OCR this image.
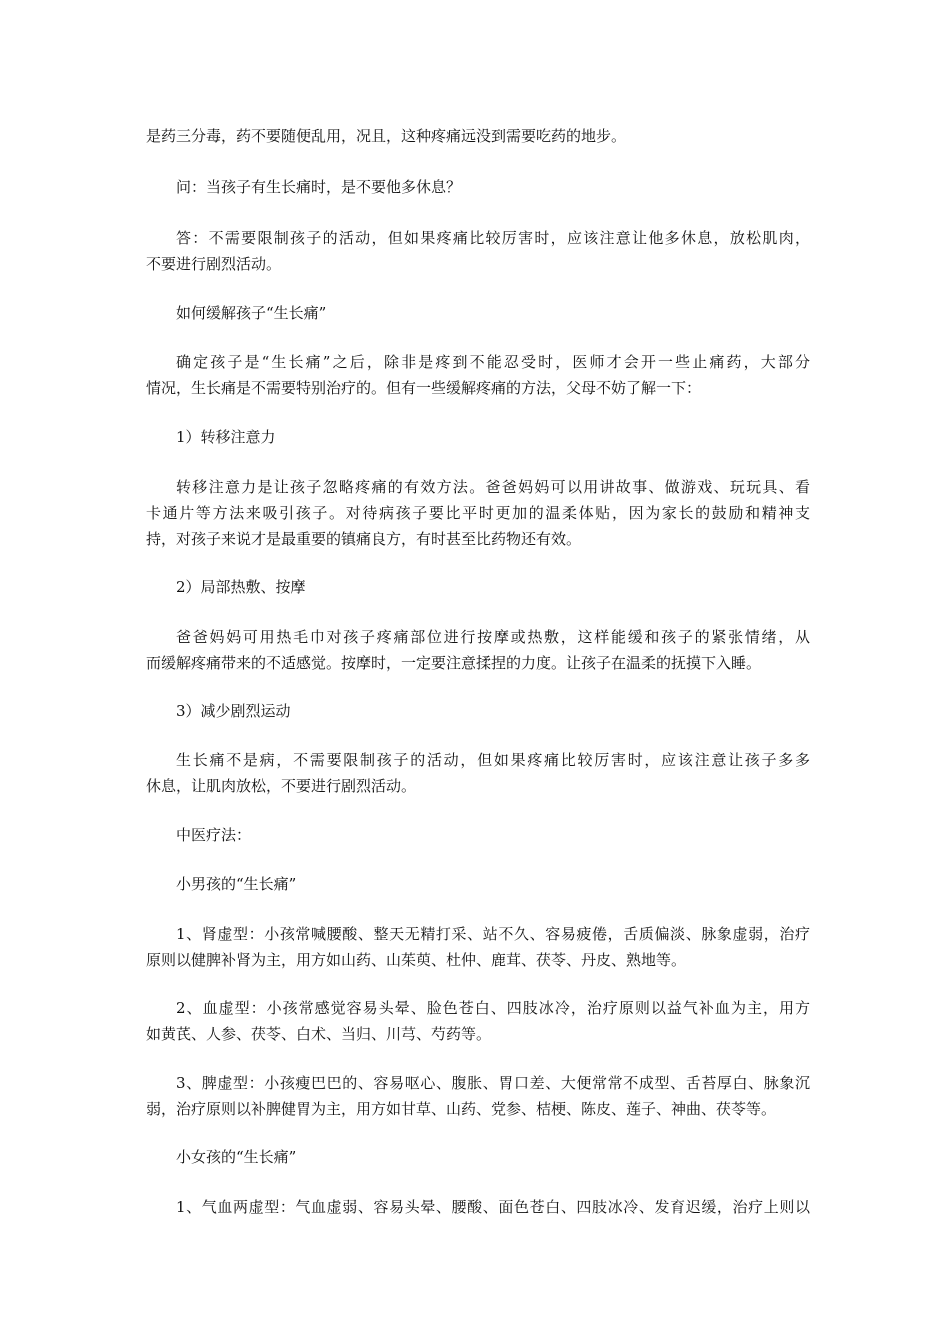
是药三分毒，药不要随便乱用，况且，这种疼痛远没到需要吃药的地步。
问：当孩子有生长痛时，是不要他多休息？
答：不需要限制孩子的活动，但如果疼痛比较厉害时，应该注意让他多休息，放松肌肉，
不要进行剧烈活动。
如何缓解孩子“生长痛”
确定孩子是“生长痛”之后，除非是疼到不能忍受时，医师才会开一些止痛药，大部分
情况，生长痛是不需要特别治疗的。但有一些缓解疼痛的方法，父母不妨了解一下：
1）转移注意力
转移注意力是让孩子忽略疼痛的有效方法。爸爸妈妈可以用讲故事、做游戏、玩玩具、看
卡通片等方法来吸引孩子。对待病孩子要比平时更加的温柔体贴，因为家长的鼓励和精神支
持，对孩子来说才是最重要的镇痛良方，有时甚至比药物还有效。
2）局部热敷、按摩
爸爸妈妈可用热毛巾对孩子疼痛部位进行按摩或热敷，这样能缓和孩子的紧张情绪，从
而缓解疼痛带来的不适感觉。按摩时，一定要注意揉捏的力度。让孩子在温柔的抚摸下入睡。
3）减少剧烈运动
生长痛不是病，不需要限制孩子的活动，但如果疼痛比较厉害时，应该注意让孩子多多
休息，让肌肉放松，不要进行剧烈活动。
中医疗法：
小男孩的“生长痛”
1、肾虚型：小孩常喊腰酸、整天无精打采、站不久、容易疲倦，舌质偏淡、脉象虚弱，治疗
原则以健脾补肾为主，用方如山药、山茱萸、杜仲、鹿茸、茯苓、丹皮、熟地等。
2、血虚型：小孩常感觉容易头晕、脸色苍白、四肢冰冷，治疗原则以益气补血为主，用方
如黄芪、人参、茯苓、白术、当归、川芎、芍药等。
3、脾虚型：小孩瘦巴巴的、容易呕心、腹胀、胃口差、大便常常不成型、舌苔厚白、脉象沉
弱，治疗原则以补脾健胃为主，用方如甘草、山药、党参、桔梗、陈皮、莲子、神曲、茯苓等。
小女孩的“生长痛”
1、气血两虚型：气血虚弱、容易头晕、腰酸、面色苍白、四肢冰冷、发育迟缓，治疗上则以
